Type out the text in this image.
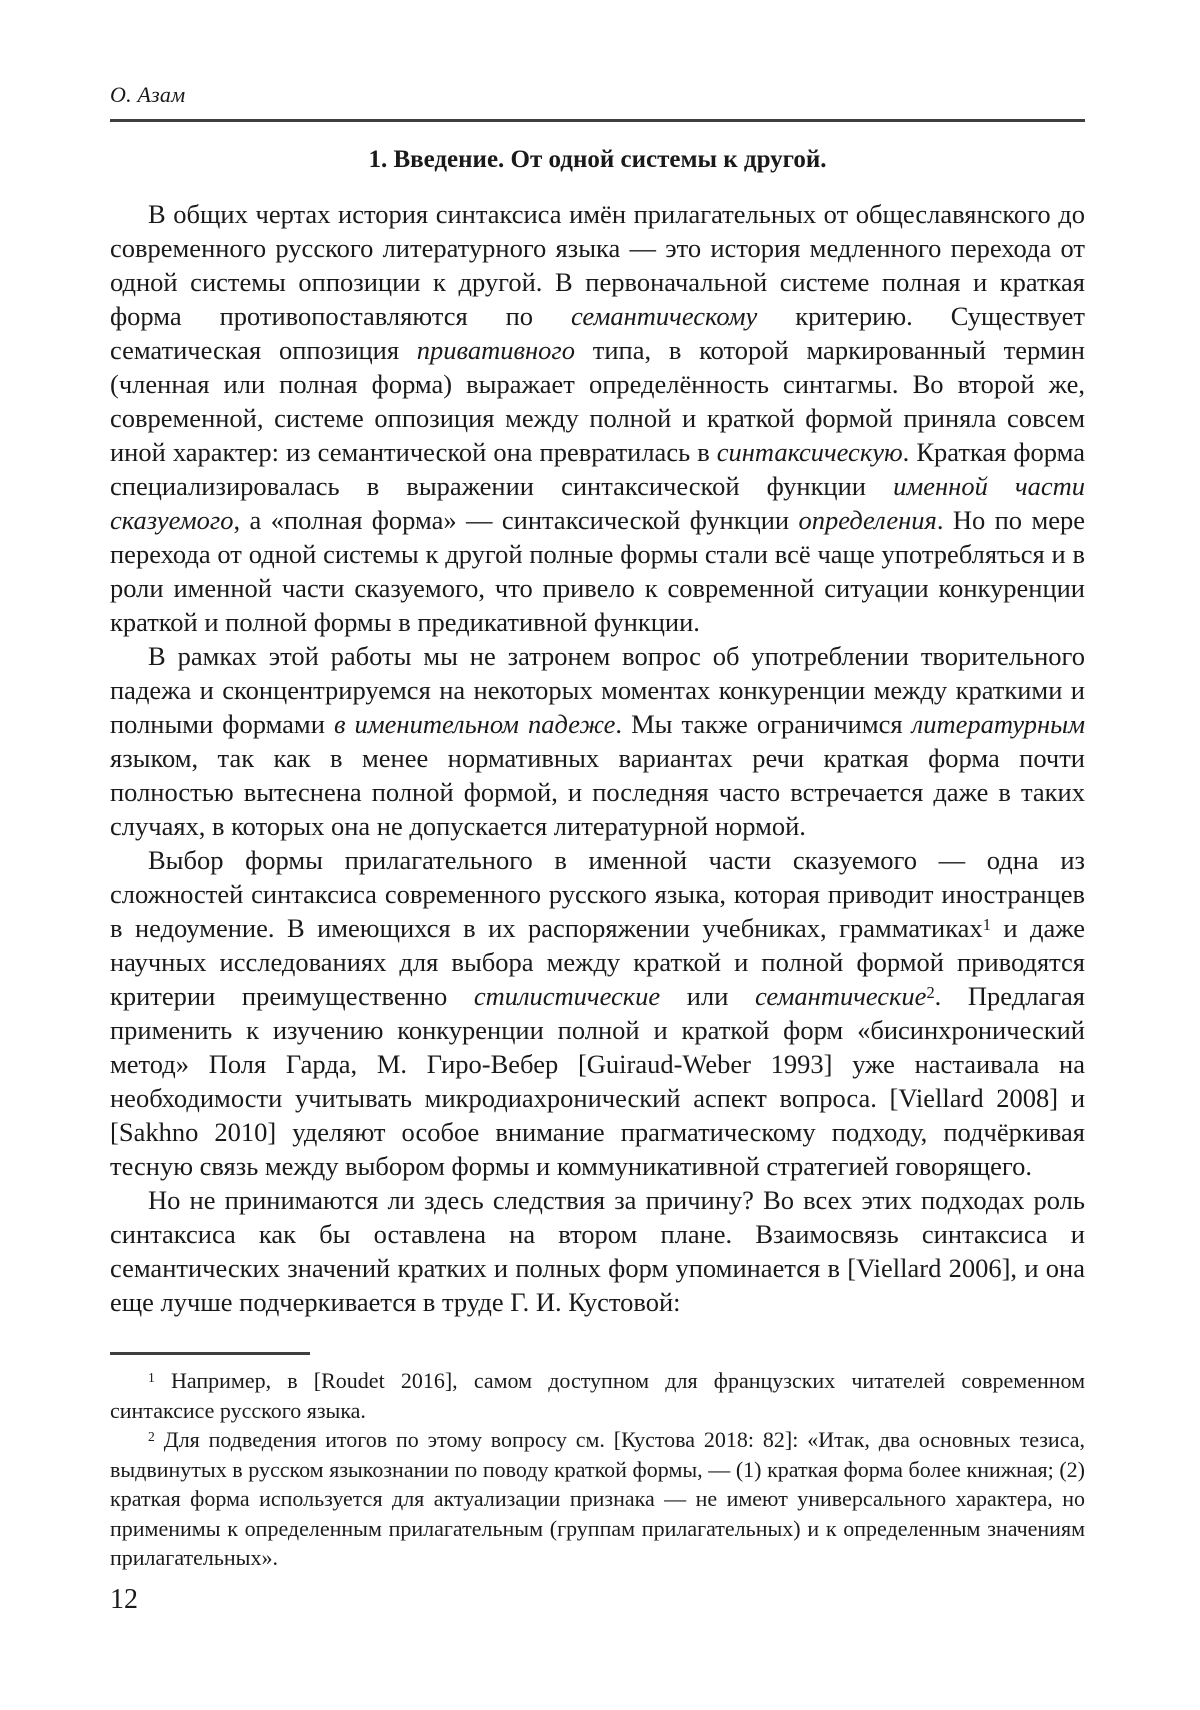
О. Азам
1. Введение. От одной системы к другой.

В общих чертах история синтаксиса имён прилагательных от общеславянского до современного русского литературного языка — это история медленного перехода от одной системы оппозиции к другой. В первоначальной системе полная и краткая форма противопоставляются по семантическому критерию. Существует сематическая оппозиция привативного типа, в которой маркированный термин (членная или полная форма) выражает определённость синтагмы. Во второй же, современной, системе оппозиция между полной и краткой формой приняла совсем иной характер: из семантической она превратилась в синтаксическую. Краткая форма специализировалась в выражении синтаксической функции именной части сказуемого, а «полная форма» — синтаксической функции определения. Но по мере перехода от одной системы к другой полные формы стали всё чаще употребляться и в роли именной части сказуемого, что привело к современной ситуации конкуренции краткой и полной формы в предикативной функции.

В рамках этой работы мы не затронем вопрос об употреблении творительного падежа и сконцентрируемся на некоторых моментах конкуренции между краткими и полными формами в именительном падеже. Мы также ограничимся литературным языком, так как в менее нормативных вариантах речи краткая форма почти полностью вытеснена полной формой, и последняя часто встречается даже в таких случаях, в которых она не допускается литературной нормой.

Выбор формы прилагательного в именной части сказуемого — одна из сложностей синтаксиса современного русского языка, которая приводит иностранцев в недоумение. В имеющихся в их распоряжении учебниках, грамматиках$^1$ и даже научных исследованиях для выбора между краткой и полной формой приводятся критерии преимущественно стилистические или семантические$^2$. Предлагая применить к изучению конкуренции полной и краткой форм «бисинхронический метод» Поля Гарда, М. Гиро-Вебер [Guiraud-Weber 1993] уже настаивала на необходимости учитывать микродиахронический аспект вопроса. [Viellard 2008] и [Sakhno 2010] уделяют особое внимание прагматическому подходу, подчёркивая тесную связь между выбором формы и коммуникативной стратегией говорящего.

Но не принимаются ли здесь следствия за причину? Во всех этих подходах роль синтаксиса как бы оставлена на втором плане. Взаимосвязь синтаксиса и семантических значений кратких и полных форм упоминается в [Viellard 2006], и она еще лучше подчеркивается в труде Г. И. Кустовой:

$^1$ Например, в [Roudet 2016], самом доступном для французских читателей современном синтаксисе русского языка.

$^2$ Для подведения итогов по этому вопросу см. [Кустова 2018: 82]: «Итак, два основных тезиса, выдвинутых в русском языкознании по поводу краткой формы, — (1) краткая форма более книжная; (2) краткая форма используется для актуализации признака — не имеют универсального характера, но применимы к определенным прилагательным (группам прилагательных) и к определенным значениям прилагательных».

12
